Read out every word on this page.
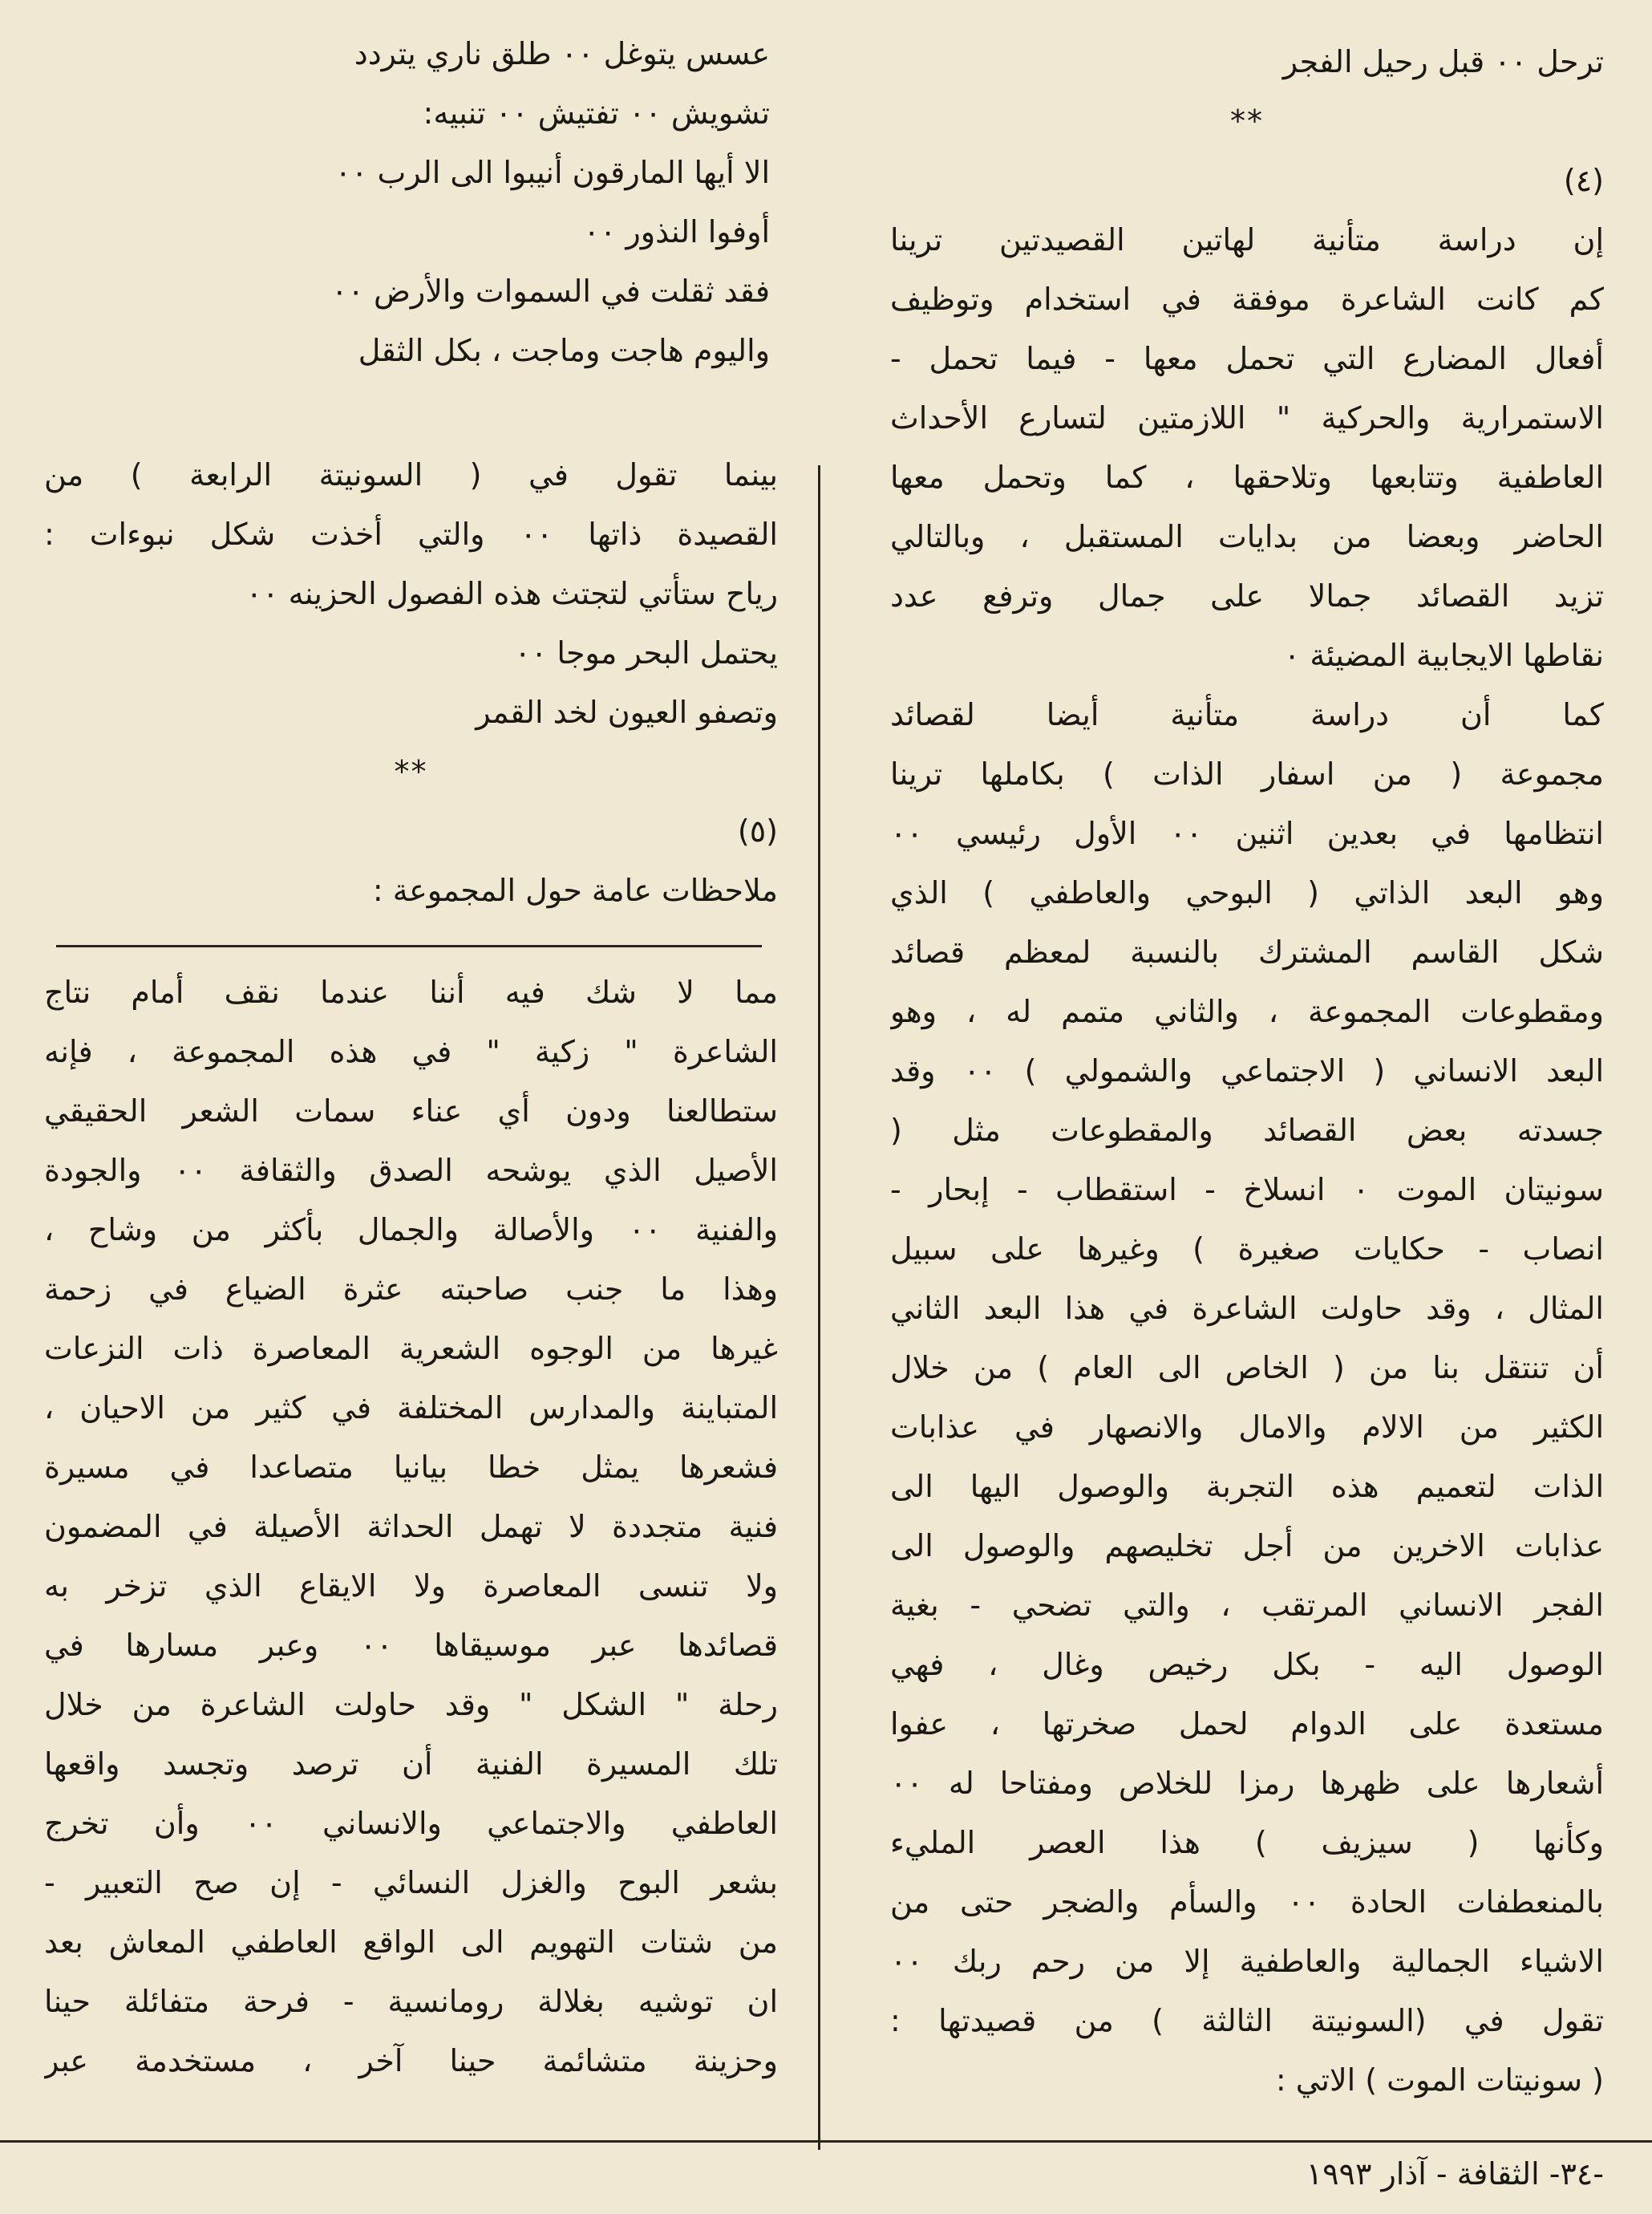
ترحل ٠٠ قبل رحيل الفجر
**
(٤)
إن دراسة متأنية لهاتين القصيدتين ترينا
كم كانت الشاعرة موفقة في استخدام وتوظيف
أفعال المضارع التي تحمل معها - فيما تحمل -
الاستمرارية والحركية " اللازمتين لتسارع الأحداث
العاطفية وتتابعها وتلاحقها ، كما وتحمل معها
الحاضر وبعضا من بدايات المستقبل ، وبالتالي
تزيد القصائد جمالا على جمال وترفع عدد
نقاطها الايجابية المضيئة ٠
كما أن دراسة متأنية أيضا لقصائد
مجموعة ( من اسفار الذات ) بكاملها ترينا
انتظامها في بعدين اثنين ٠٠ الأول رئيسي ٠٠
وهو البعد الذاتي ( البوحي والعاطفي ) الذي
شكل القاسم المشترك بالنسبة لمعظم قصائد
ومقطوعات المجموعة ، والثاني متمم له ، وهو
البعد الانساني ( الاجتماعي والشمولي ) ٠٠ وقد
جسدته بعض القصائد والمقطوعات مثل (
سونيتان الموت ٠ انسلاخ - استقطاب - إبحار -
انصاب - حكايات صغيرة ) وغيرها على سبيل
المثال ، وقد حاولت الشاعرة في هذا البعد الثاني
أن تنتقل بنا من ( الخاص الى العام ) من خلال
الكثير من الالام والامال والانصهار في عذابات
الذات لتعميم هذه التجربة والوصول اليها الى
عذابات الاخرين من أجل تخليصهم والوصول الى
الفجر الانساني المرتقب ، والتي تضحي - بغية
الوصول اليه - بكل رخيص وغال ، فهي
مستعدة على الدوام لحمل صخرتها ، عفوا
أشعارها على ظهرها رمزا للخلاص ومفتاحا له ٠٠
وكأنها ( سيزيف ) هذا العصر المليء
بالمنعطفات الحادة ٠٠ والسأم والضجر حتى من
الاشياء الجمالية والعاطفية إلا من رحم ربك ٠٠
تقول في (السونيتة الثالثة ) من قصيدتها :
( سونيتات الموت ) الاتي :
عسس يتوغل ٠٠ طلق ناري يتردد
تشويش ٠٠ تفتيش ٠٠ تنبيه:
الا أيها المارقون أنيبوا الى الرب ٠٠
أوفوا النذور ٠٠
فقد ثقلت في السموات والأرض ٠٠
واليوم هاجت وماجت ، بكل الثقل
بينما تقول في ( السونيتة الرابعة ) من
القصيدة ذاتها ٠٠ والتي أخذت شكل نبوءات :
رياح ستأتي لتجتث هذه الفصول الحزينه ٠٠
يحتمل البحر موجا ٠٠
وتصفو العيون لخد القمر
**
(٥)
ملاحظات عامة حول المجموعة :
مما لا شك فيه أننا عندما نقف أمام نتاج
الشاعرة " زكية " في هذه المجموعة ، فإنه
ستطالعنا ودون أي عناء سمات الشعر الحقيقي
الأصيل الذي يوشحه الصدق والثقافة ٠٠ والجودة
والفنية ٠٠ والأصالة والجمال بأكثر من وشاح ،
وهذا ما جنب صاحبته عثرة الضياع في زحمة
غيرها من الوجوه الشعرية المعاصرة ذات النزعات
المتباينة والمدارس المختلفة في كثير من الاحيان ،
فشعرها يمثل خطا بيانيا متصاعدا في مسيرة
فنية متجددة لا تهمل الحداثة الأصيلة في المضمون
ولا تنسى المعاصرة ولا الايقاع الذي تزخر به
قصائدها عبر موسيقاها ٠٠ وعبر مسارها في
رحلة " الشكل " وقد حاولت الشاعرة من خلال
تلك المسيرة الفنية أن ترصد وتجسد واقعها
العاطفي والاجتماعي والانساني ٠٠ وأن تخرج
بشعر البوح والغزل النسائي - إن صح التعبير -
من شتات التهويم الى الواقع العاطفي المعاش بعد
ان توشيه بغلالة رومانسية - فرحة متفائلة حينا
وحزينة متشائمة حينا آخر ، مستخدمة عبر
-٣٤- الثقافة - آذار ١٩٩٣
